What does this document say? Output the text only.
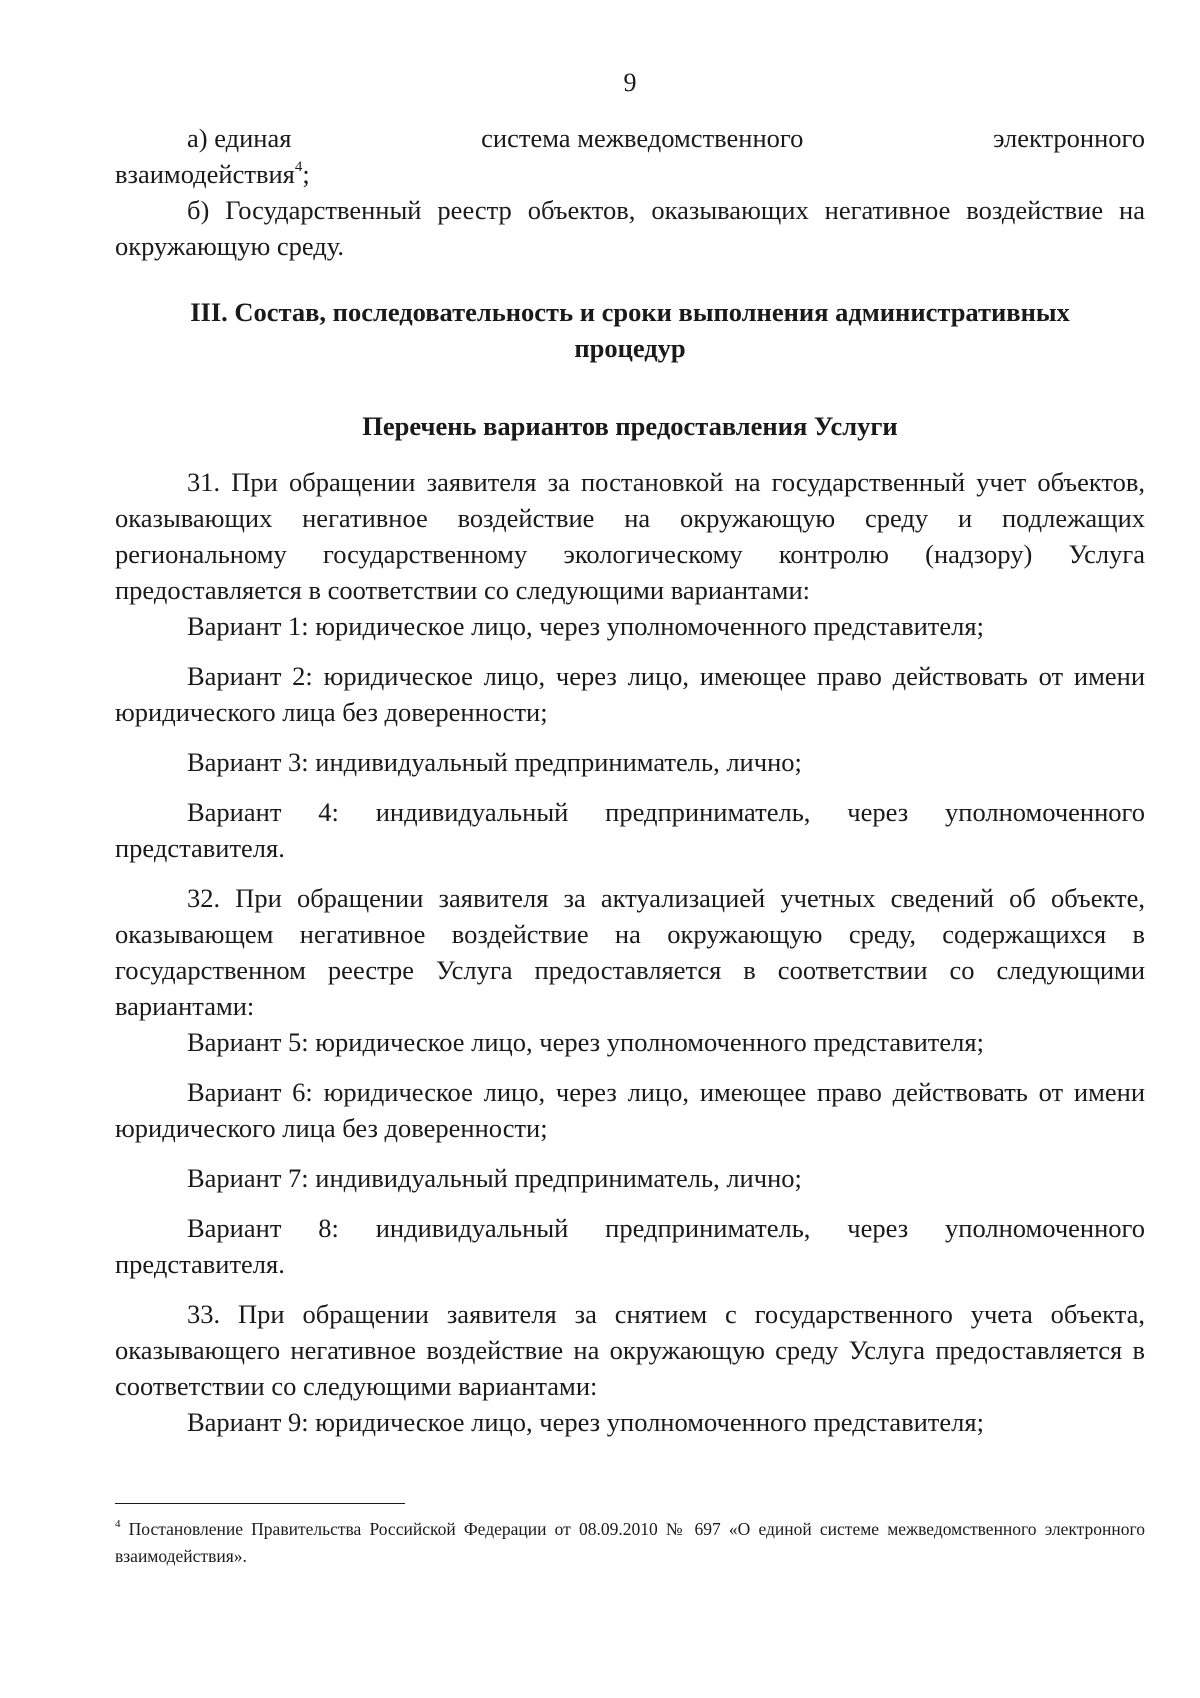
9
а) единая	система межведомственного	электронного

взаимодействия$^4$;

б) Государственный реестр объектов, оказывающих негативное воздействие на окружающую среду.

III. Состав, последовательность и сроки выполнения административных

процедур

Перечень вариантов предоставления Услуги

31. При обращении заявителя за постановкой на государственный учет объектов, оказывающих негативное воздействие на окружающую среду и подлежащих региональному государственному экологическому контролю (надзору) Услуга предоставляется в соответствии со следующими вариантами:

Вариант 1: юридическое лицо, через уполномоченного представителя;

Вариант 2: юридическое лицо, через лицо, имеющее право действовать от имени юридического лица без доверенности;

Вариант 3: индивидуальный предприниматель, лично;

Вариант 4: индивидуальный предприниматель, через уполномоченного представителя.

32. При обращении заявителя за актуализацией учетных сведений об объекте, оказывающем негативное воздействие на окружающую среду, содержащихся в государственном реестре Услуга предоставляется в соответствии со следующими вариантами:

Вариант 5: юридическое лицо, через уполномоченного представителя;

Вариант 6: юридическое лицо, через лицо, имеющее право действовать от имени юридического лица без доверенности;

Вариант 7: индивидуальный предприниматель, лично;

Вариант 8: индивидуальный предприниматель, через уполномоченного представителя.

33. При обращении заявителя за снятием с государственного учета объекта, оказывающего негативное воздействие на окружающую среду Услуга предоставляется в соответствии со следующими вариантами:

Вариант 9: юридическое лицо, через уполномоченного представителя;

$^4$ Постановление Правительства Российской Федерации от 08.09.2010 № 697 «О единой системе межведомственного электронного взаимодействия».
